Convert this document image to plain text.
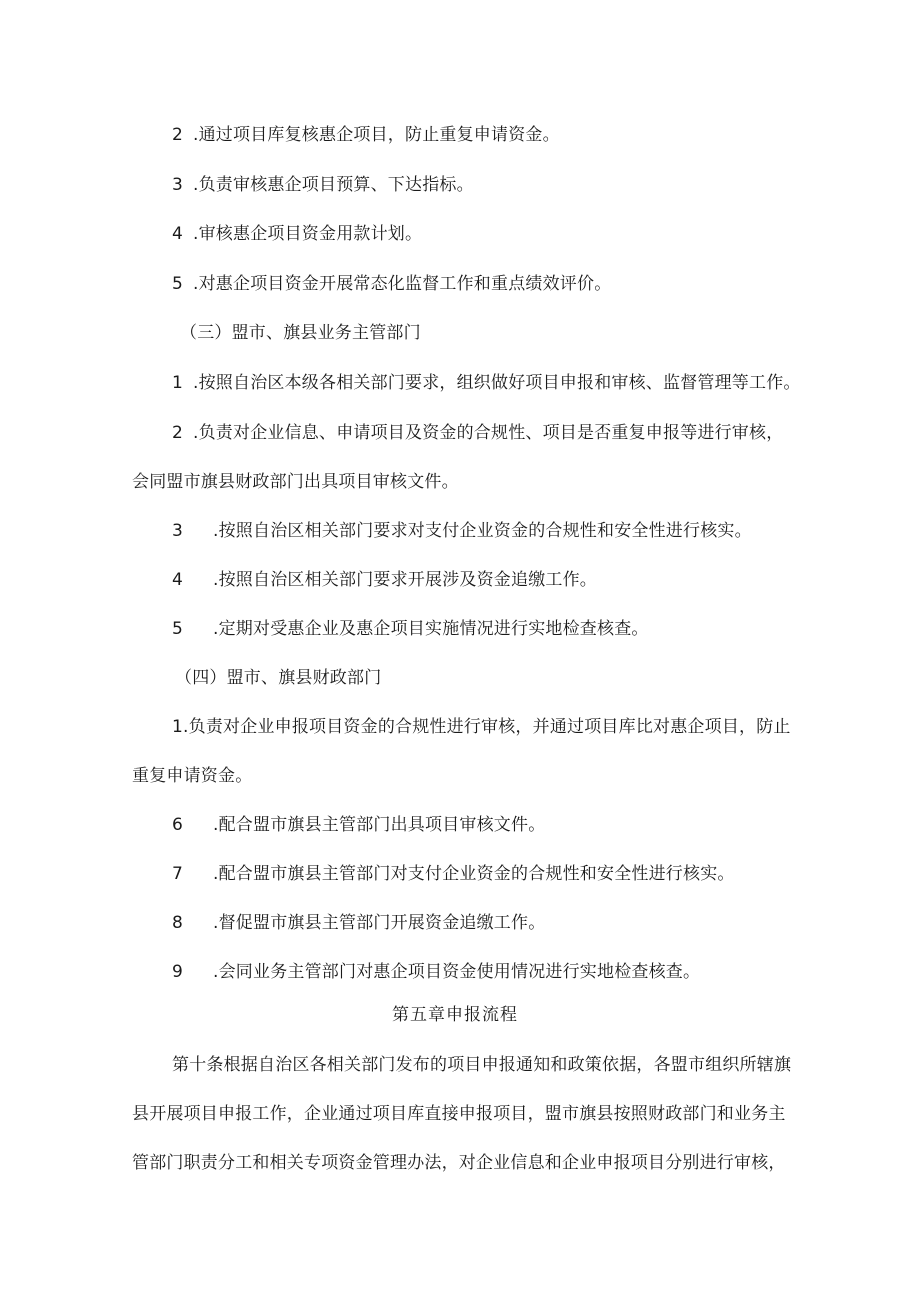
2 .通过项目库复核惠企项目，防止重复申请资金。
3 .负责审核惠企项目预算、下达指标。
4 .审核惠企项目资金用款计划。
5 .对惠企项目资金开展常态化监督工作和重点绩效评价。
（三）盟市、旗县业务主管部门
1 .按照自治区本级各相关部门要求，组织做好项目申报和审核、监督管理等工作。
2 .负责对企业信息、申请项目及资金的合规性、项目是否重复申报等进行审核，
会同盟市旗县财政部门出具项目审核文件。
3 .按照自治区相关部门要求对支付企业资金的合规性和安全性进行核实。
4 .按照自治区相关部门要求开展涉及资金追缴工作。
5 .定期对受惠企业及惠企项目实施情况进行实地检查核查。
（四）盟市、旗县财政部门
1.负责对企业申报项目资金的合规性进行审核，并通过项目库比对惠企项目，防止
重复申请资金。
6 .配合盟市旗县主管部门出具项目审核文件。
7 .配合盟市旗县主管部门对支付企业资金的合规性和安全性进行核实。
8 .督促盟市旗县主管部门开展资金追缴工作。
9 .会同业务主管部门对惠企项目资金使用情况进行实地检查核查。
第五章申报流程
第十条根据自治区各相关部门发布的项目申报通知和政策依据，各盟市组织所辖旗
县开展项目申报工作，企业通过项目库直接申报项目，盟市旗县按照财政部门和业务主
管部门职责分工和相关专项资金管理办法，对企业信息和企业申报项目分别进行审核，
